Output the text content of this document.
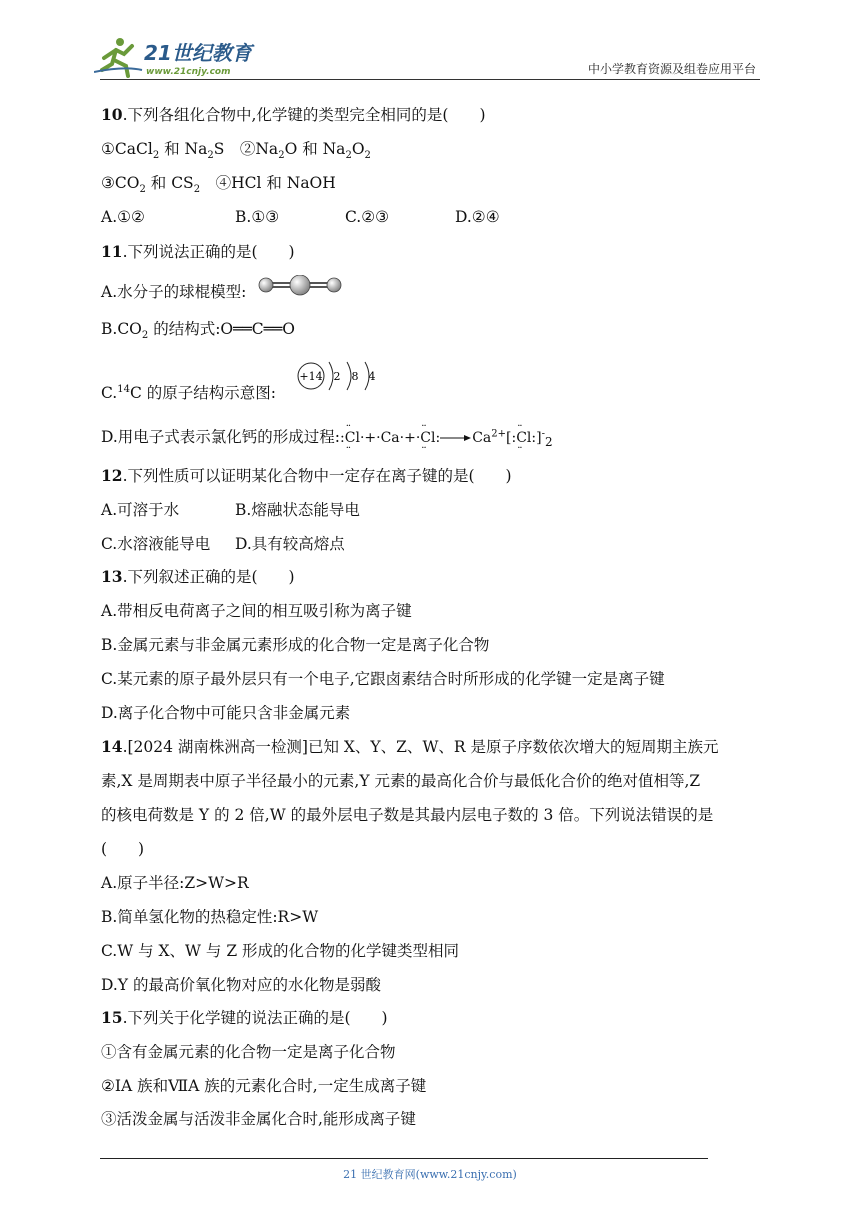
21世纪教育
www.21cnjy.com	中小学教育资源及组卷应用平台
10.下列各组化合物中,化学键的类型完全相同的是(　　)
①CaCl$_2$ 和 $Na_2S$　$②Na_2O$ 和 $Na_2O_2$
$③CO_2$ 和 $CS_2$　④HCl 和 NaOH
A.①②	B.①③	C.②③	D.②④
11.下列说法正确的是(　　)
A.水分子的球棍模型:
$B.CO_2$ 的结构式:O══C══O
C.$^{14}$C 的原子结构示意图:
+14 2 8 4
D.用电子式表示氯化钙的形成过程::·· $Cl \cdot\cdot\cdot+\cdot Ca\cdot+\cdot\cdot\cdot Cl \cdot\cdot:\to Ca^{2+}[:\cdot\cdot Cl$ $\cdot\cdot:]^-_2$
12.下列性质可以证明某化合物中一定存在离子键的是(　　)
A.可溶于水	B.熔融状态能导电
C.水溶液能导电 D.具有较高熔点
13.下列叙述正确的是(　　)
A.带相反电荷离子之间的相互吸引称为离子键
B.金属元素与非金属元素形成的化合物一定是离子化合物
C.某元素的原子最外层只有一个电子,它跟卤素结合时所形成的化学键一定是离子键
D.离子化合物中可能只含非金属元素
14.[2024 湖南株洲高一检测]已知 X、Y、Z、W、R 是原子序数依次增大的短周期主族元
素,X 是周期表中原子半径最小的元素,Y 元素的最高化合价与最低化合价的绝对值相等,Z
的核电荷数是 Y 的 2 倍,W 的最外层电子数是其最内层电子数的 3 倍。下列说法错误的是
(　　)
A.原子半径:Z>W>R
B.简单氢化物的热稳定性:R>W
C.W 与 X、W 与 Z 形成的化合物的化学键类型相同
D.Y 的最高价氧化物对应的水化物是弱酸
15.下列关于化学键的说法正确的是(　　)
①含有金属元素的化合物一定是离子化合物
②ⅠA 族和ⅦA 族的元素化合时,一定生成离子键
③活泼金属与活泼非金属化合时,能形成离子键
21 世纪教育网(www.21cnjy.com)
